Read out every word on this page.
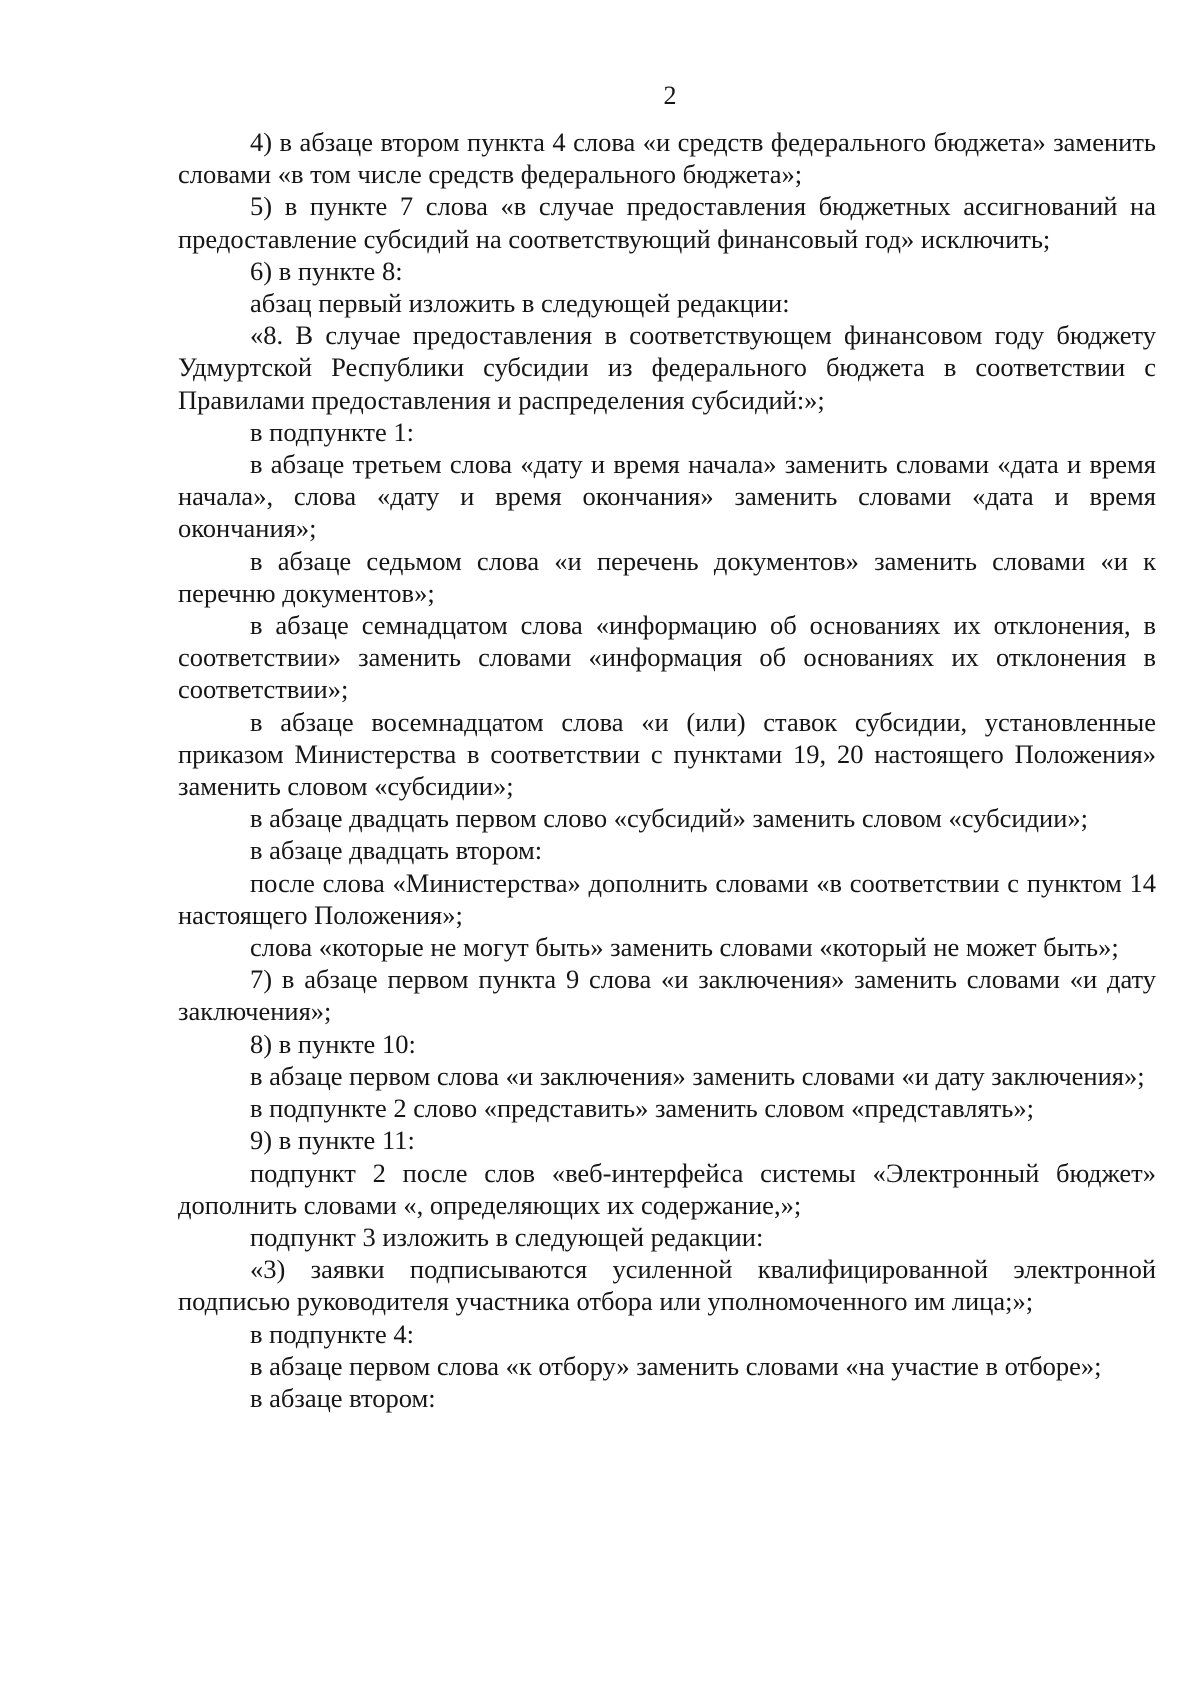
2

4) в абзаце втором пункта 4 слова «и средств федерального бюджета» заменить словами «в том числе средств федерального бюджета»;

5) в пункте 7 слова «в случае предоставления бюджетных ассигнований на предоставление субсидий на соответствующий финансовый год» исключить;

6) в пункте 8:

абзац первый изложить в следующей редакции:

«8. В случае предоставления в соответствующем финансовом году бюджету Удмуртской Республики субсидии из федерального бюджета в соответствии с Правилами предоставления и распределения субсидий:»;

в подпункте 1:

в абзаце третьем слова «дату и время начала» заменить словами «дата и время начала», слова «дату и время окончания» заменить словами «дата и время окончания»;

в абзаце седьмом слова «и перечень документов» заменить словами «и к перечню документов»;

в абзаце семнадцатом слова «информацию об основаниях их отклонения, в соответствии» заменить словами «информация об основаниях их отклонения в соответствии»;

в абзаце восемнадцатом слова «и (или) ставок субсидии, установленные приказом Министерства в соответствии с пунктами 19, 20 настоящего Положения» заменить словом «субсидии»;

в абзаце двадцать первом слово «субсидий» заменить словом «субсидии»;

в абзаце двадцать втором:

после слова «Министерства» дополнить словами «в соответствии с пунктом 14 настоящего Положения»;

слова «которые не могут быть» заменить словами «который не может быть»;

7) в абзаце первом пункта 9 слова «и заключения» заменить словами «и дату заключения»;

8) в пункте 10:

в абзаце первом слова «и заключения» заменить словами «и дату заключения»;

в подпункте 2 слово «представить» заменить словом «представлять»;

9) в пункте 11:

подпункт 2 после слов «веб-интерфейса системы «Электронный бюджет» дополнить словами «, определяющих их содержание,»;

подпункт 3 изложить в следующей редакции:

«3) заявки подписываются усиленной квалифицированной электронной подписью руководителя участника отбора или уполномоченного им лица;»;

в подпункте 4:

в абзаце первом слова «к отбору» заменить словами «на участие в отборе»;

в абзаце втором:
